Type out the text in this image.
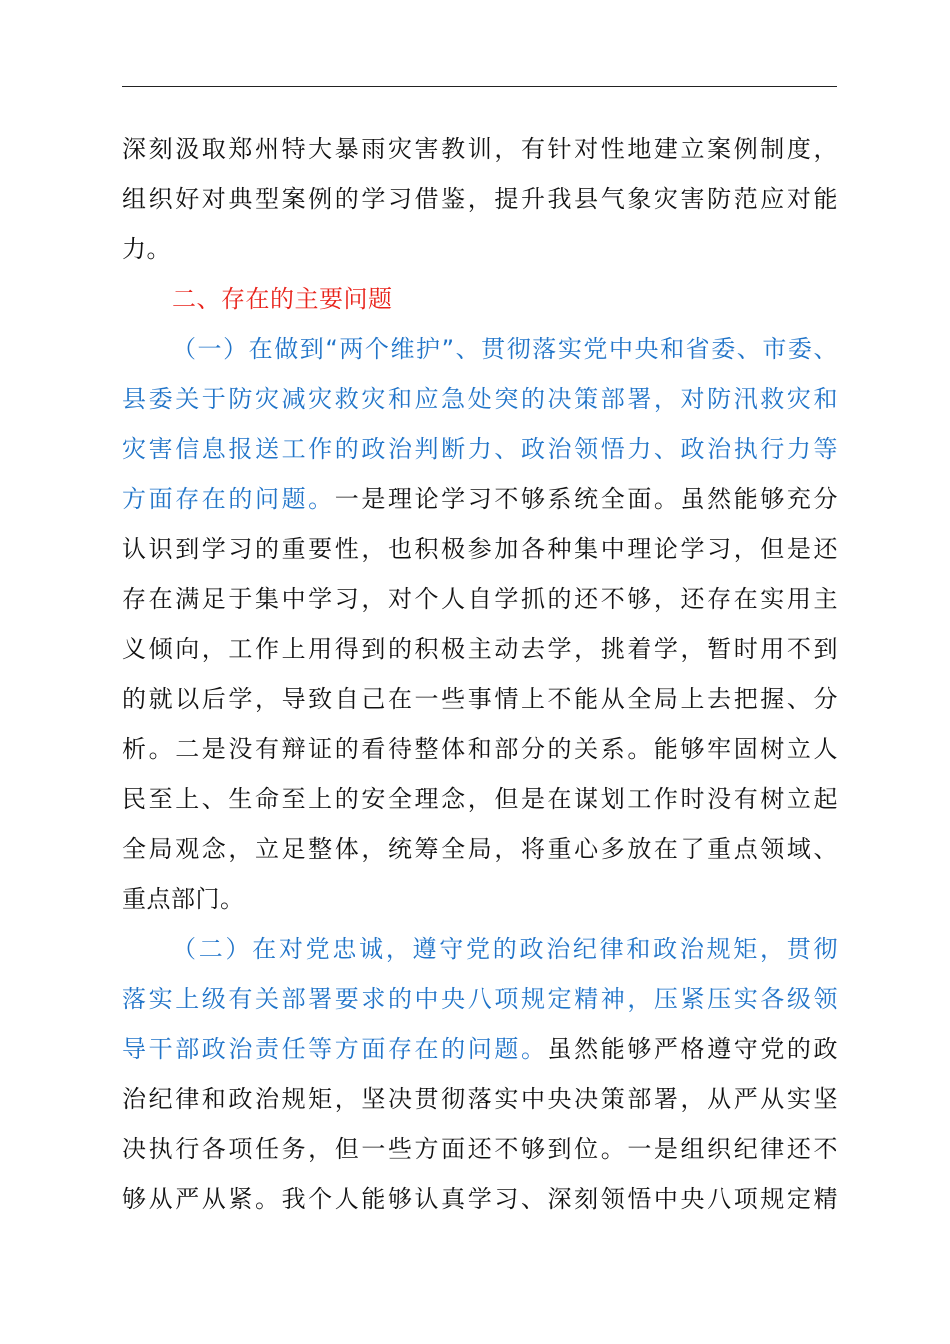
深刻汲取郑州特大暴雨灾害教训，有针对性地建立案例制度，
组织好对典型案例的学习借鉴，提升我县气象灾害防范应对能
力。
二、存在的主要问题
（一）在做到“两个维护”、贯彻落实党中央和省委、市委、
县委关于防灾减灾救灾和应急处突的决策部署，对防汛救灾和
灾害信息报送工作的政治判断力、政治领悟力、政治执行力等
方面存在的问题。一是理论学习不够系统全面。虽然能够充分
认识到学习的重要性，也积极参加各种集中理论学习，但是还
存在满足于集中学习，对个人自学抓的还不够，还存在实用主
义倾向，工作上用得到的积极主动去学，挑着学，暂时用不到
的就以后学，导致自己在一些事情上不能从全局上去把握、分
析。二是没有辩证的看待整体和部分的关系。能够牢固树立人
民至上、生命至上的安全理念，但是在谋划工作时没有树立起
全局观念，立足整体，统筹全局，将重心多放在了重点领域、
重点部门。
（二）在对党忠诚，遵守党的政治纪律和政治规矩，贯彻
落实上级有关部署要求的中央八项规定精神，压紧压实各级领
导干部政治责任等方面存在的问题。虽然能够严格遵守党的政
治纪律和政治规矩，坚决贯彻落实中央决策部署，从严从实坚
决执行各项任务，但一些方面还不够到位。一是组织纪律还不
够从严从紧。我个人能够认真学习、深刻领悟中央八项规定精
